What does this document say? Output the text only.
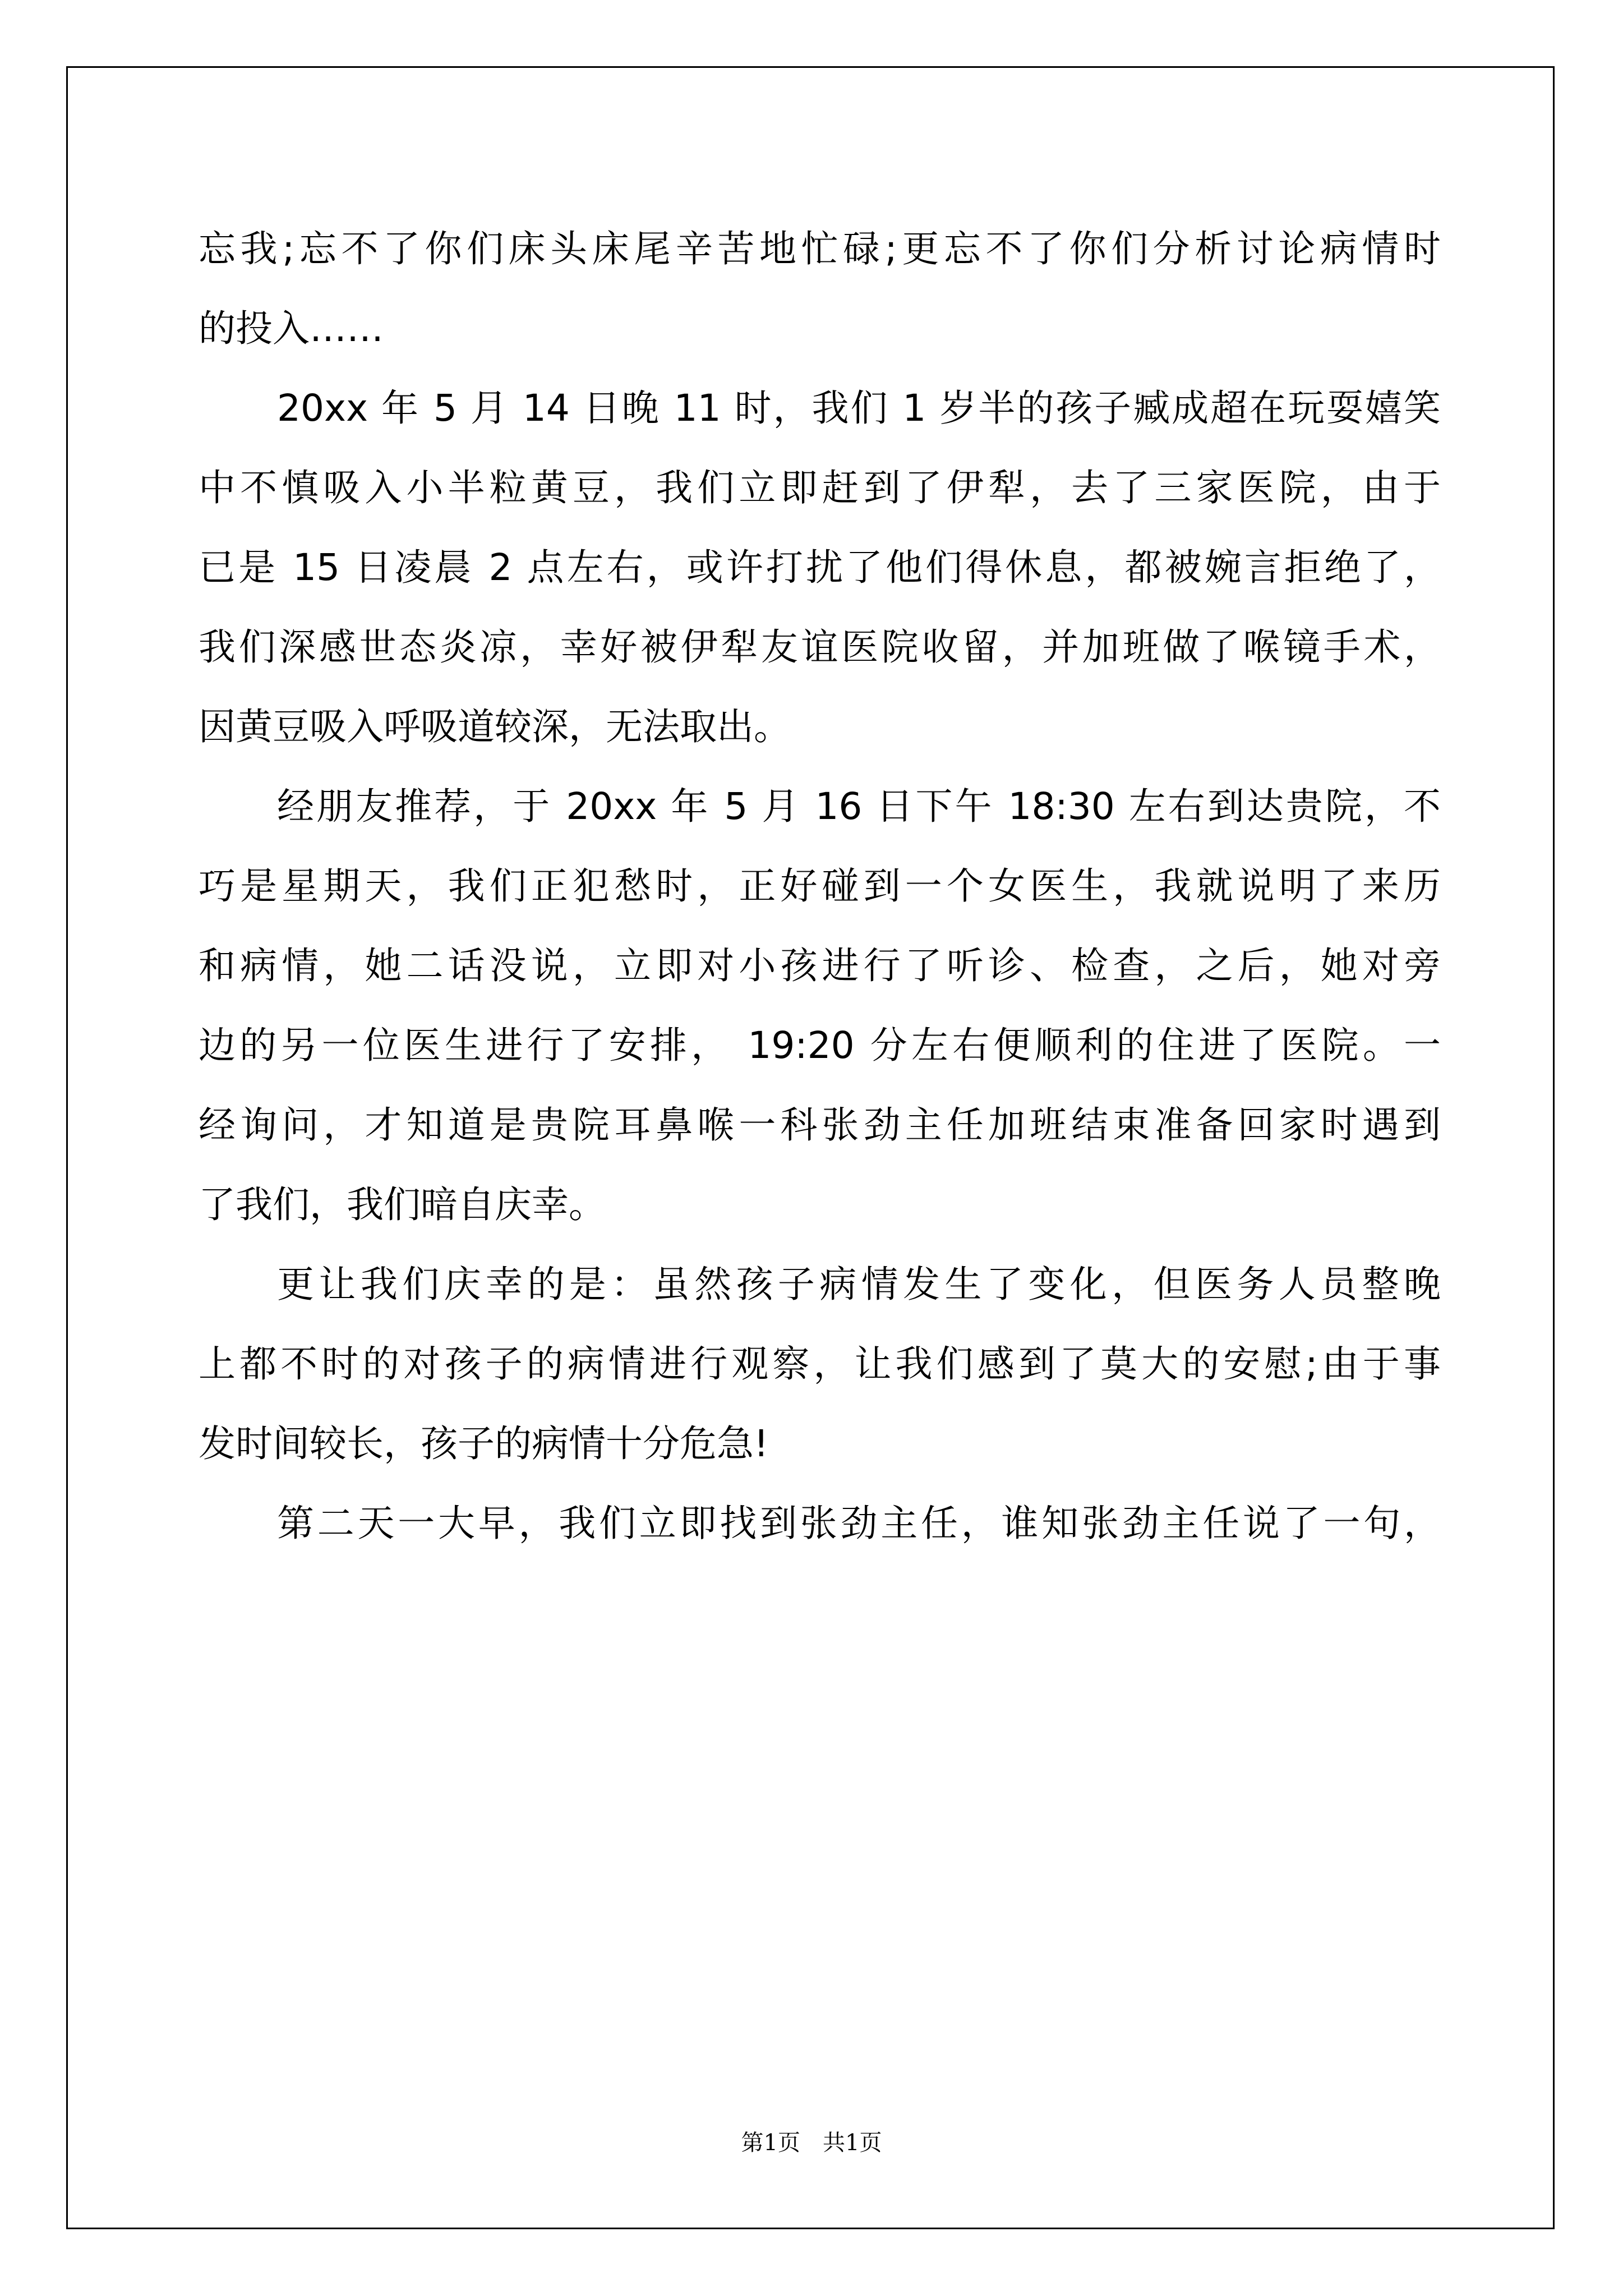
忘我;忘不了你们床头床尾辛苦地忙碌;更忘不了你们分析讨论病情时
的投入……
20xx 年 5 月 14 日晚 11 时，我们 1 岁半的孩子臧成超在玩耍嬉笑
中不慎吸入小半粒黄豆，我们立即赶到了伊犁，去了三家医院，由于
已是 15 日凌晨 2 点左右，或许打扰了他们得休息，都被婉言拒绝了，
我们深感世态炎凉，幸好被伊犁友谊医院收留，并加班做了喉镜手术，
因黄豆吸入呼吸道较深，无法取出。
经朋友推荐，于 20xx 年 5 月 16 日下午 18:30 左右到达贵院，不
巧是星期天，我们正犯愁时，正好碰到一个女医生，我就说明了来历
和病情，她二话没说，立即对小孩进行了听诊、检查，之后，她对旁
边的另一位医生进行了安排， 19:20 分左右便顺利的住进了医院。一
经询问，才知道是贵院耳鼻喉一科张劲主任加班结束准备回家时遇到
了我们，我们暗自庆幸。
更让我们庆幸的是：虽然孩子病情发生了变化，但医务人员整晚
上都不时的对孩子的病情进行观察，让我们感到了莫大的安慰;由于事
发时间较长，孩子的病情十分危急!
第二天一大早，我们立即找到张劲主任，谁知张劲主任说了一句，
第1页 共1页
